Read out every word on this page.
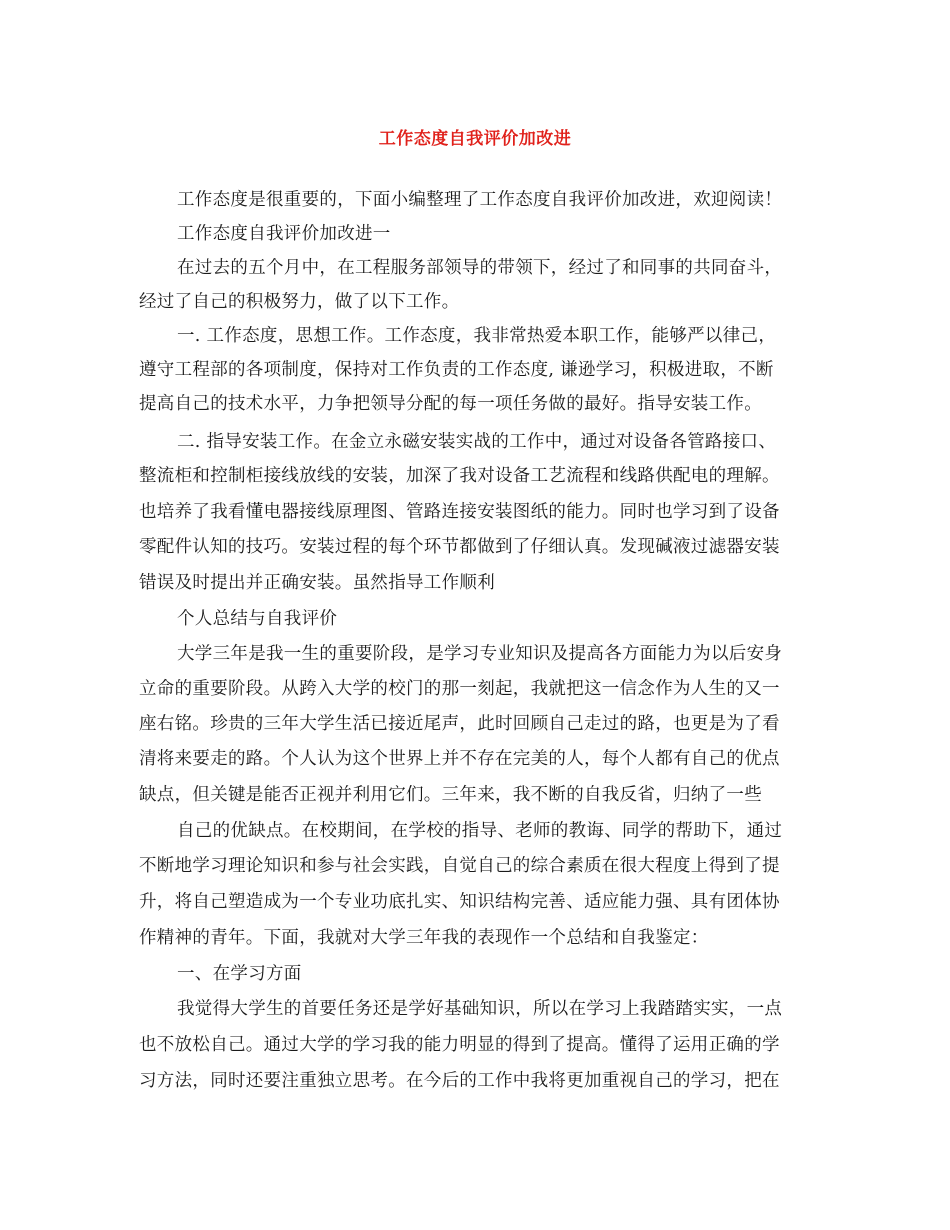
工作态度自我评价加改进
工作态度是很重要的，下面小编整理了工作态度自我评价加改进，欢迎阅读！
工作态度自我评价加改进一
在过去的五个月中，在工程服务部领导的带领下，经过了和同事的共同奋斗，
经过了自己的积极努力，做了以下工作。
一. 工作态度，思想工作。工作态度，我非常热爱本职工作，能够严以律己，
遵守工程部的各项制度，保持对工作负责的工作态度, 谦逊学习，积极进取，不断
提高自己的技术水平，力争把领导分配的每一项任务做的最好。指导安装工作。
二. 指导安装工作。在金立永磁安装实战的工作中，通过对设备各管路接口、
整流柜和控制柜接线放线的安装，加深了我对设备工艺流程和线路供配电的理解。
也培养了我看懂电器接线原理图、管路连接安装图纸的能力。同时也学习到了设备
零配件认知的技巧。安装过程的每个环节都做到了仔细认真。发现碱液过滤器安装
错误及时提出并正确安装。虽然指导工作顺利
个人总结与自我评价
大学三年是我一生的重要阶段，是学习专业知识及提高各方面能力为以后安身
立命的重要阶段。从跨入大学的校门的那一刻起，我就把这一信念作为人生的又一
座右铭。珍贵的三年大学生活已接近尾声，此时回顾自己走过的路，也更是为了看
清将来要走的路。个人认为这个世界上并不存在完美的人，每个人都有自己的优点
缺点，但关键是能否正视并利用它们。三年来，我不断的自我反省，归纳了一些
自己的优缺点。在校期间，在学校的指导、老师的教诲、同学的帮助下，通过
不断地学习理论知识和参与社会实践，自觉自己的综合素质在很大程度上得到了提
升，将自己塑造成为一个专业功底扎实、知识结构完善、适应能力强、具有团体协
作精神的青年。下面，我就对大学三年我的表现作一个总结和自我鉴定：
一、在学习方面
我觉得大学生的首要任务还是学好基础知识，所以在学习上我踏踏实实，一点
也不放松自己。通过大学的学习我的能力明显的得到了提高。懂得了运用正确的学
习方法，同时还要注重独立思考。在今后的工作中我将更加重视自己的学习，把在
